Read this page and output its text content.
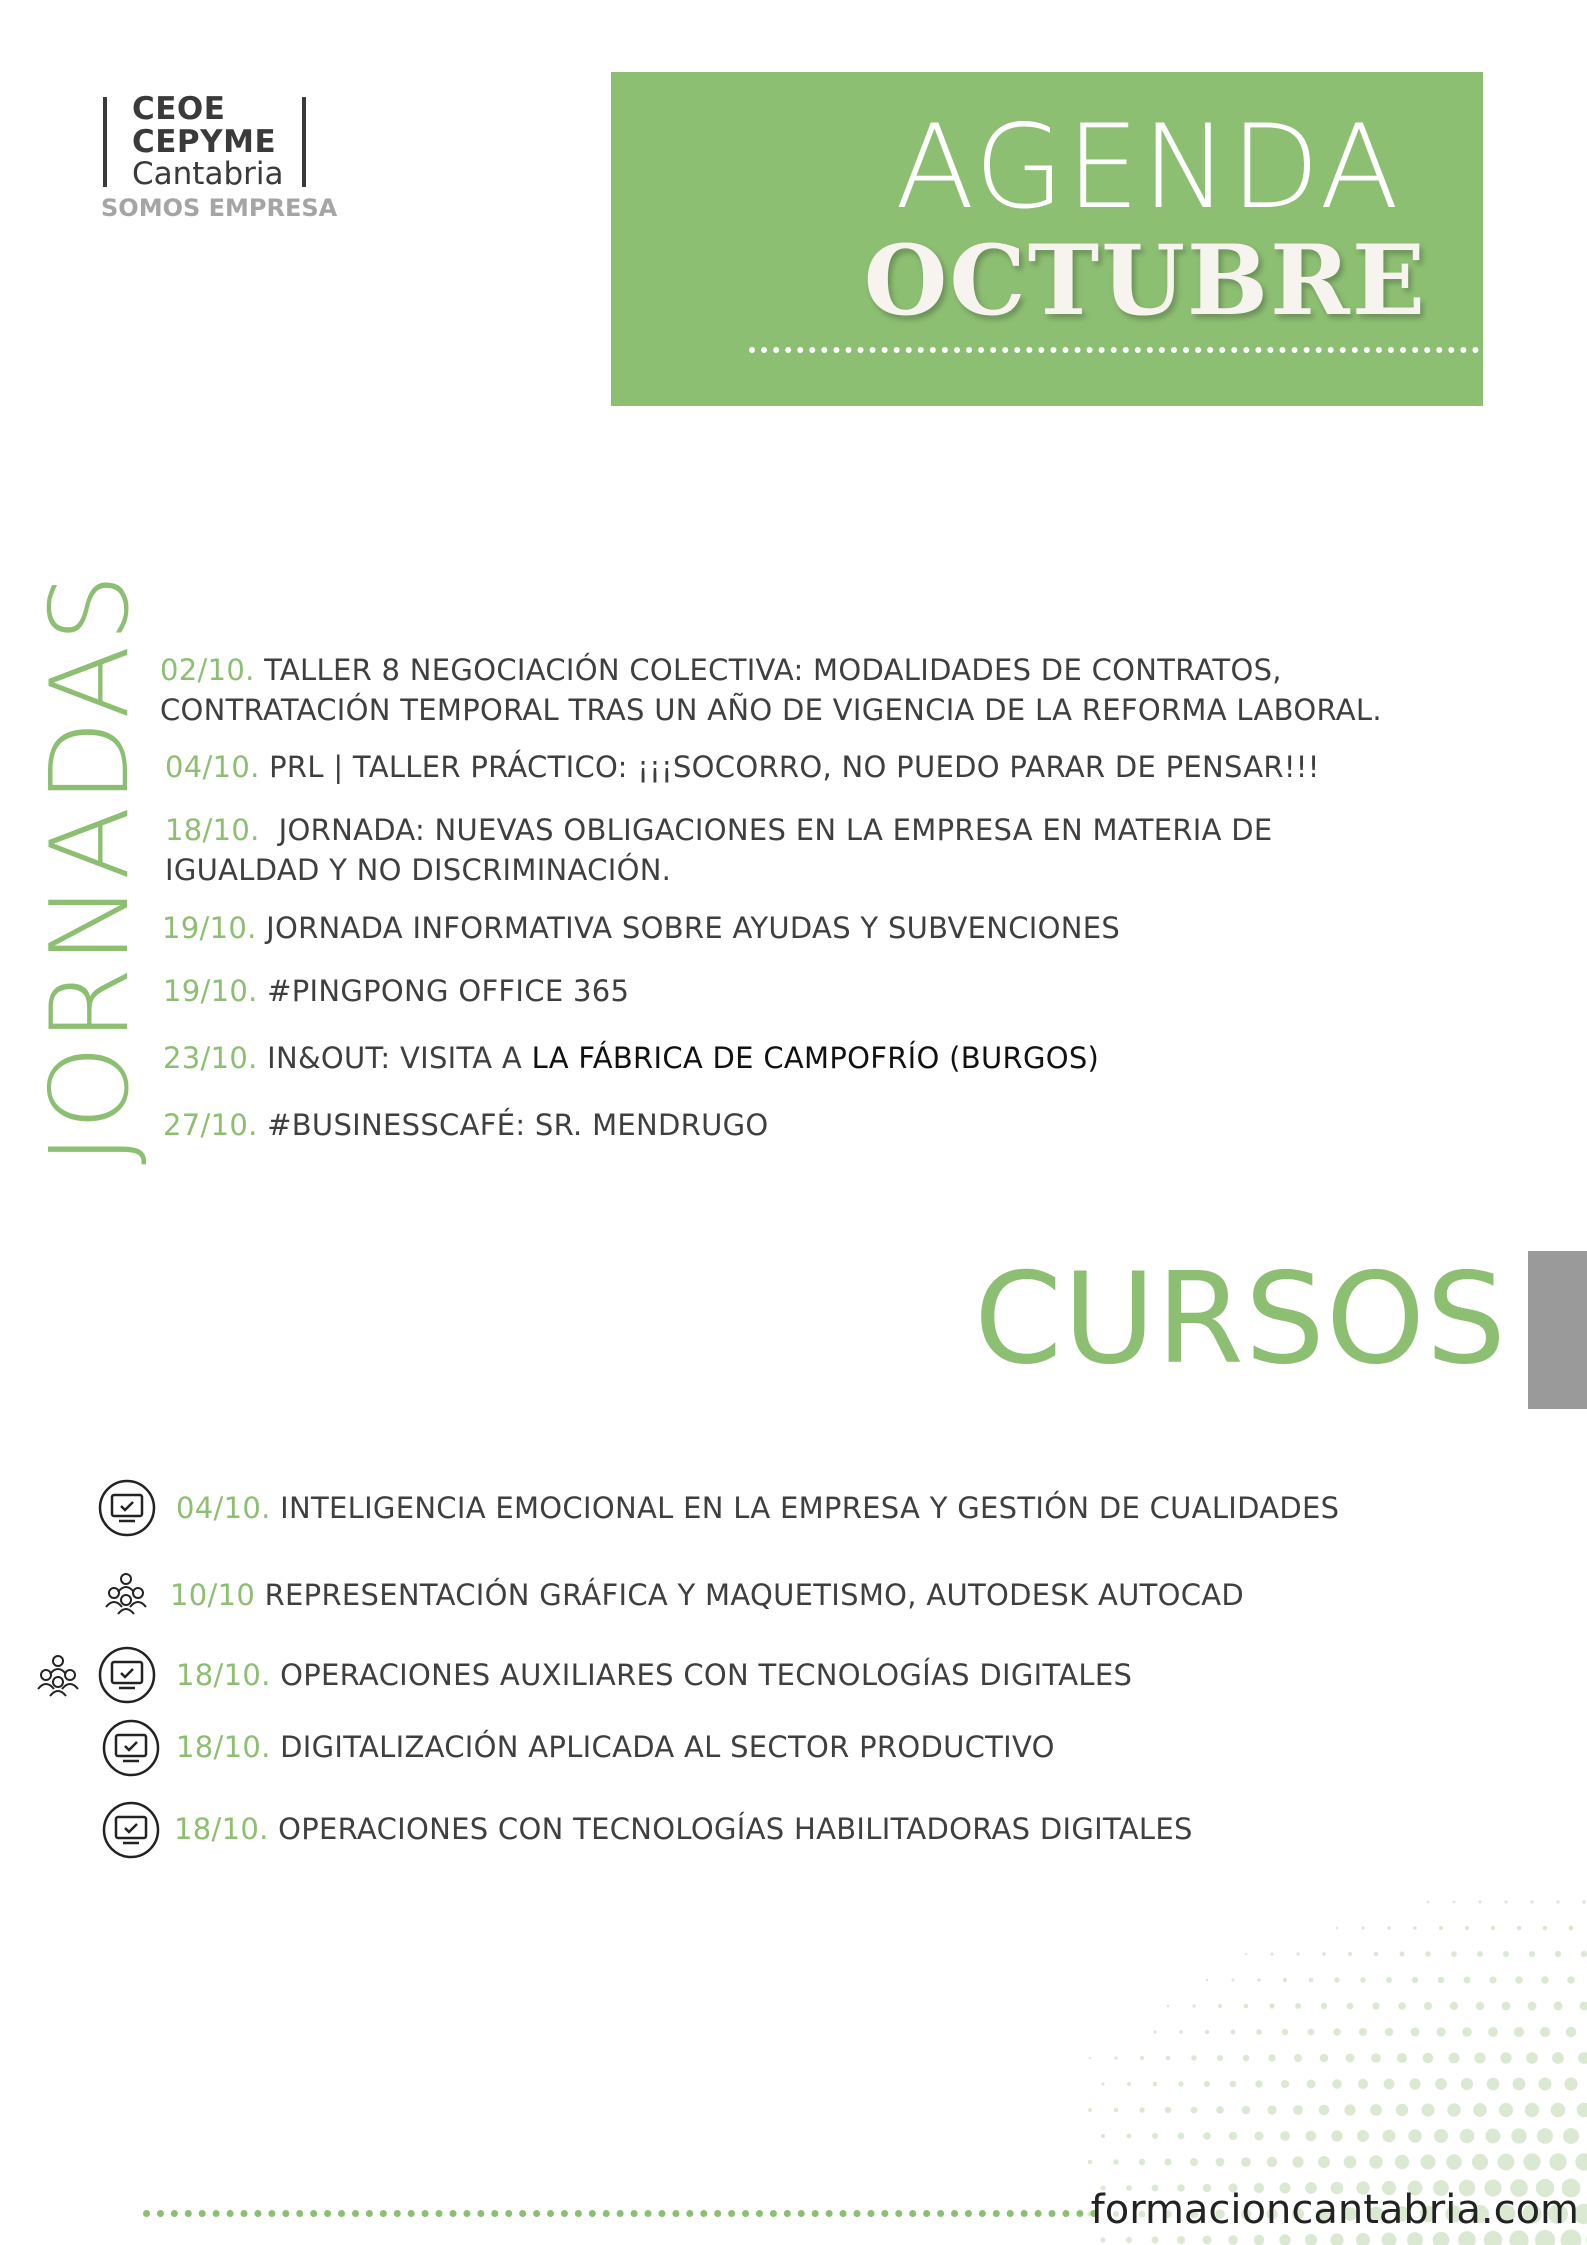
CEOE
CEPYME
Cantabria
SOMOS EMPRESA	AGENDA
OCTUBRE
JORNADAS 02/10. TALLER 8 NEGOCIACIÓN COLECTIVA: MODALIDADES DE CONTRATOS,
CONTRATACIÓN TEMPORAL TRAS UN AÑO DE VIGENCIA DE LA REFORMA LABORAL.
04/10. PRL | TALLER PRÁCTICO: ¡¡¡SOCORRO, NO PUEDO PARAR DE PENSAR!!!
18/10. JORNADA: NUEVAS OBLIGACIONES EN LA EMPRESA EN MATERIA DE
IGUALDAD Y NO DISCRIMINACIÓN.
19/10. JORNADA INFORMATIVA SOBRE AYUDAS Y SUBVENCIONES
19/10. #PINGPONG OFFICE 365
23/10. IN&OUT: VISITA A LA FÁBRICA DE CAMPOFRÍO (BURGOS)
27/10. #BUSINESSCAFÉ: SR. MENDRUGO
CURSOS
04/10. INTELIGENCIA EMOCIONAL EN LA EMPRESA Y GESTIÓN DE CUALIDADES
10/10 REPRESENTACIÓN GRÁFICA Y MAQUETISMO, AUTODESK AUTOCAD
18/10. OPERACIONES AUXILIARES CON TECNOLOGÍAS DIGITALES
18/10. DIGITALIZACIÓN APLICADA AL SECTOR PRODUCTIVO
18/10. OPERACIONES CON TECNOLOGÍAS HABILITADORAS DIGITALES
formacioncantabria.com
